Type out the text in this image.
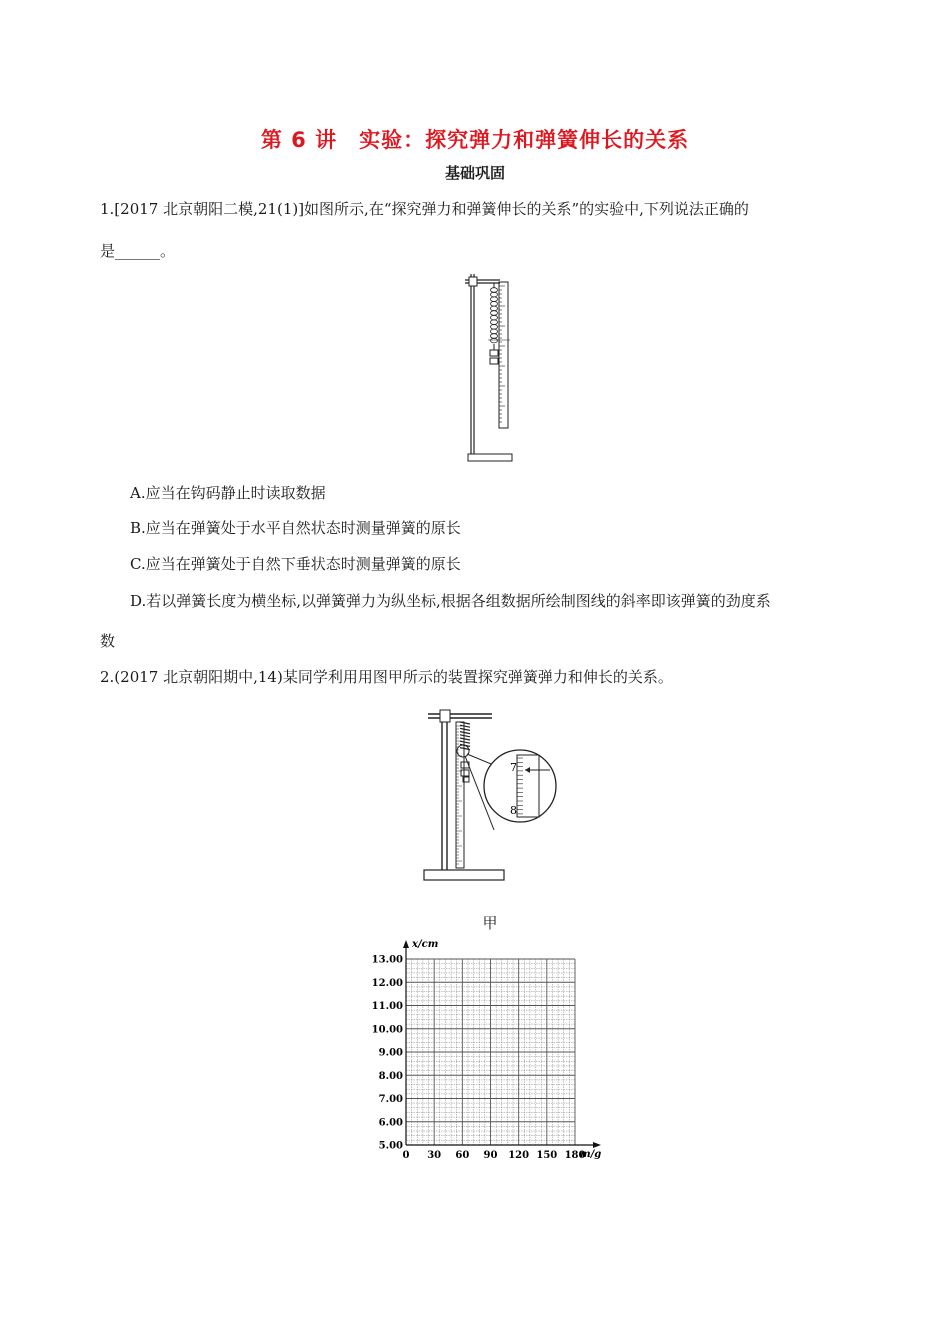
第 6 讲　实验：探究弹力和弹簧伸长的关系
基础巩固
1.[2017 北京朝阳二模,21(1)]如图所示,在“探究弹力和弹簧伸长的关系”的实验中,下列说法正确的
是______。
A.应当在钩码静止时读取数据
B.应当在弹簧处于水平自然状态时测量弹簧的原长
C.应当在弹簧处于自然下垂状态时测量弹簧的原长
D.若以弹簧长度为横坐标,以弹簧弹力为纵坐标,根据各组数据所绘制图线的斜率即该弹簧的劲度系
数
2.(2017 北京朝阳期中,14)某同学利用用图甲所示的装置探究弹簧弹力和伸长的关系。
7
8
甲
0 30 60 90 120 150 180
5.00
6.00
7.00
8.00
9.00
10.00
11.00
12.00
13.00
x/cm
m/g
